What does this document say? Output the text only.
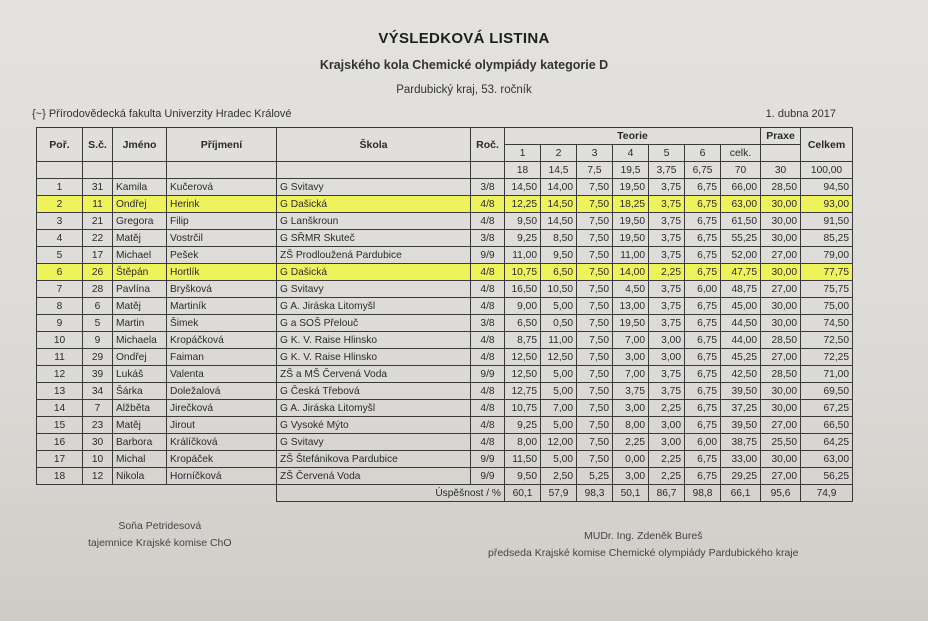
VÝSLEDKOVÁ LISTINA
Krajského kola Chemické olympiády kategorie D
Pardubický kraj, 53. ročník
{~} Přírodovědecká fakulta Univerzity Hradec Králové	1. dubna 2017
Poř.	S.č.	Jméno	Příjmení	Škola	Roč.	Teorie							Praxe	Celkem
						1	2	3	4	5	6	celk.		
						18	14,5	7,5	19,5	3,75	6,75	70	30	100,00
1	31	Kamila	Kučerová	G Svitavy	3/8	14,50	14,00	7,50	19,50	3,75	6,75	66,00	28,50	94,50
2	11	Ondřej	Herink	G Dašická	4/8	12,25	14,50	7,50	18,25	3,75	6,75	63,00	30,00	93,00
3	21	Gregora	Filip	G Lanškroun	4/8	9,50	14,50	7,50	19,50	3,75	6,75	61,50	30,00	91,50
4	22	Matěj	Vostrčil	G SŘMR Skuteč	3/8	9,25	8,50	7,50	19,50	3,75	6,75	55,25	30,00	85,25
5	17	Michael	Pešek	ZŠ Prodloužená Pardubice	9/9	11,00	9,50	7,50	11,00	3,75	6,75	52,00	27,00	79,00
6	26	Štěpán	Hortlík	G Dašická	4/8	10,75	6,50	7,50	14,00	2,25	6,75	47,75	30,00	77,75
7	28	Pavlína	Bryšková	G Svitavy	4/8	16,50	10,50	7,50	4,50	3,75	6,00	48,75	27,00	75,75
8	6	Matěj	Martiník	G A. Jiráska Litomyšl	4/8	9,00	5,00	7,50	13,00	3,75	6,75	45,00	30,00	75,00
9	5	Martin	Šimek	G a SOŠ Přelouč	3/8	6,50	0,50	7,50	19,50	3,75	6,75	44,50	30,00	74,50
10	9	Michaela	Kropáčková	G K. V. Raise Hlinsko	4/8	8,75	11,00	7,50	7,00	3,00	6,75	44,00	28,50	72,50
11	29	Ondřej	Faiman	G K. V. Raise Hlinsko	4/8	12,50	12,50	7,50	3,00	3,00	6,75	45,25	27,00	72,25
12	39	Lukáš	Valenta	ZŠ a MŠ Červená Voda	9/9	12,50	5,00	7,50	7,00	3,75	6,75	42,50	28,50	71,00
13	34	Šárka	Doležalová	G Česká Třebová	4/8	12,75	5,00	7,50	3,75	3,75	6,75	39,50	30,00	69,50
14	7	Alžběta	Jirečková	G A. Jiráska Litomyšl	4/8	10,75	7,00	7,50	3,00	2,25	6,75	37,25	30,00	67,25
15	23	Matěj	Jirout	G Vysoké Mýto	4/8	9,25	5,00	7,50	8,00	3,00	6,75	39,50	27,00	66,50
16	30	Barbora	Králíčková	G Svitavy	4/8	8,00	12,00	7,50	2,25	3,00	6,00	38,75	25,50	64,25
17	10	Michal	Kropáček	ZŠ Štefánikova Pardubice	9/9	11,50	5,00	7,50	0,00	2,25	6,75	33,00	30,00	63,00
18	12	Nikola	Horníčková	ZŠ Červená Voda	9/9	9,50	2,50	5,25	3,00	2,25	6,75	29,25	27,00	56,25
				Úspěšnost / %		60,1	57,9	98,3	50,1	86,7	98,8	66,1	95,6	74,9
Soňa Petridesová
tajemnice Krajské komise ChO
MUDr. Ing. Zdeněk Bureš
předseda Krajské komise Chemické olympiády Pardubického kraje
